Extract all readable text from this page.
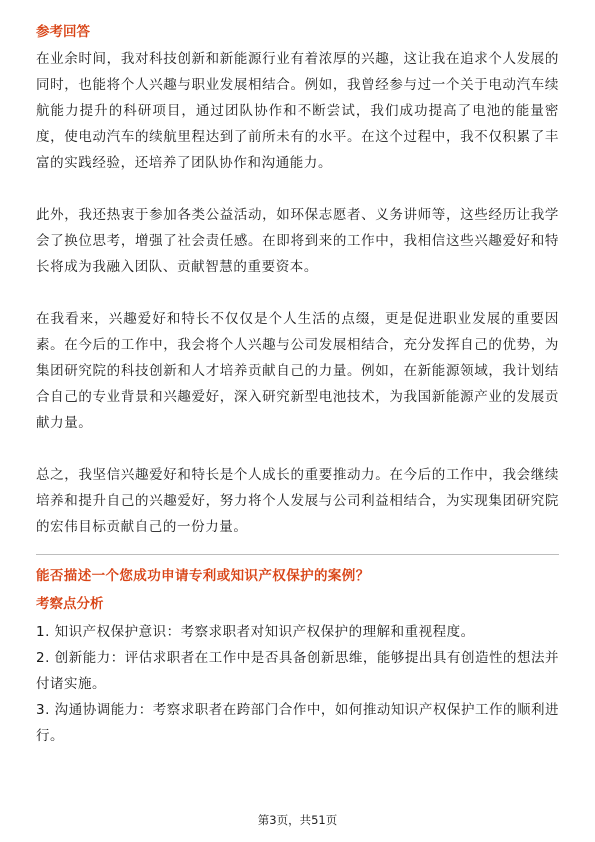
参考回答

在业余时间，我对科技创新和新能源行业有着浓厚的兴趣，这让我在追求个人发展的同时，也能将个人兴趣与职业发展相结合。例如，我曾经参与过一个关于电动汽车续航能力提升的科研项目，通过团队协作和不断尝试，我们成功提高了电池的能量密度，使电动汽车的续航里程达到了前所未有的水平。在这个过程中，我不仅积累了丰富的实践经验，还培养了团队协作和沟通能力。

此外，我还热衷于参加各类公益活动，如环保志愿者、义务讲师等，这些经历让我学会了换位思考，增强了社会责任感。在即将到来的工作中，我相信这些兴趣爱好和特长将成为我融入团队、贡献智慧的重要资本。

在我看来，兴趣爱好和特长不仅仅是个人生活的点缀，更是促进职业发展的重要因素。在今后的工作中，我会将个人兴趣与公司发展相结合，充分发挥自己的优势，为集团研究院的科技创新和人才培养贡献自己的力量。例如，在新能源领域，我计划结合自己的专业背景和兴趣爱好，深入研究新型电池技术，为我国新能源产业的发展贡献力量。

总之，我坚信兴趣爱好和特长是个人成长的重要推动力。在今后的工作中，我会继续培养和提升自己的兴趣爱好，努力将个人发展与公司利益相结合，为实现集团研究院的宏伟目标贡献自己的一份力量。

能否描述一个您成功申请专利或知识产权保护的案例？
考察点分析

1. 知识产权保护意识：考察求职者对知识产权保护的理解和重视程度。

2. 创新能力：评估求职者在工作中是否具备创新思维，能够提出具有创造性的想法并付诸实施。

3. 沟通协调能力：考察求职者在跨部门合作中，如何推动知识产权保护工作的顺利进行。

第3页，共51页
